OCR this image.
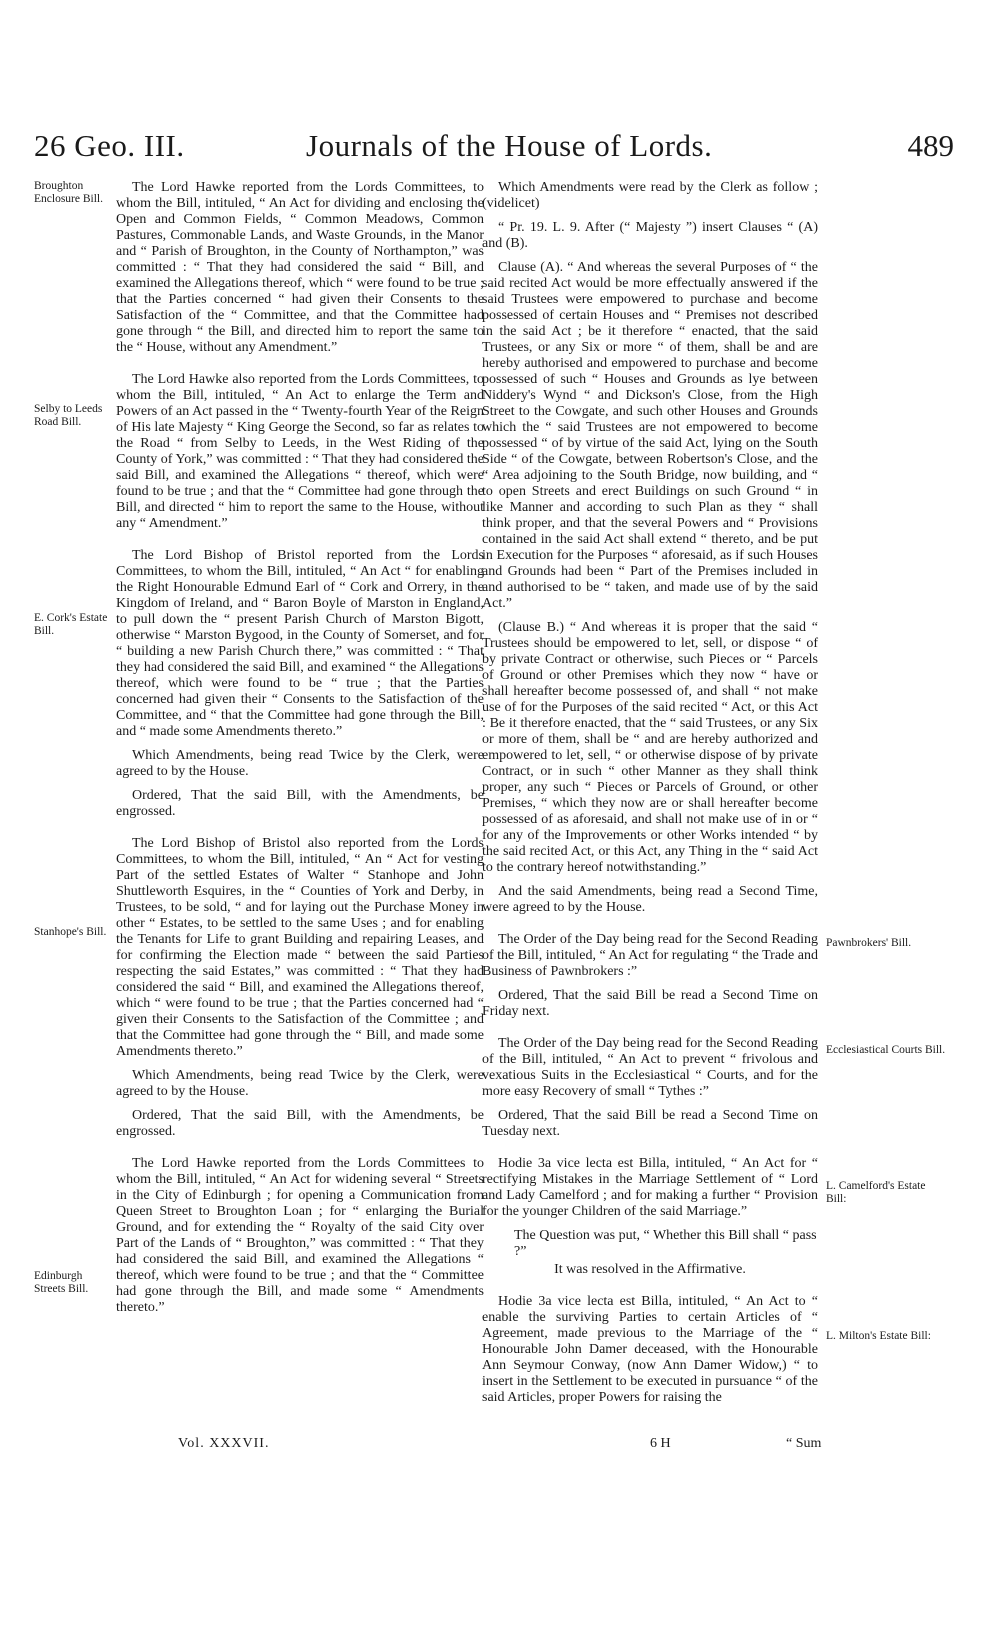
26 Geo. III.	Journals of the House of Lords.	489
Broughton Enclosure Bill.
Selby to Leeds Road Bill.
E. Cork's Estate Bill.
Stanhope's Bill.
Edinburgh Streets Bill.
Pawnbrokers' Bill.
Ecclesiastical Courts Bill.
L. Camelford's Estate Bill:
L. Milton's Estate Bill:

The Lord Hawke reported from the Lords Committees, to whom the Bill, intituled, “ An Act for dividing and enclosing the Open and Common Fields, “ Common Meadows, Common Pastures, Commonable Lands, and Waste Grounds, in the Manor and “ Parish of Broughton, in the County of Northampton,” was committed : “ That they had considered the said “ Bill, and examined the Allegations thereof, which “ were found to be true ; that the Parties concerned “ had given their Consents to the Satisfaction of the “ Committee, and that the Committee had gone through “ the Bill, and directed him to report the same to the “ House, without any Amendment.”

The Lord Hawke also reported from the Lords Committees, to whom the Bill, intituled, “ An Act to enlarge the Term and Powers of an Act passed in the “ Twenty-fourth Year of the Reign of His late Majesty “ King George the Second, so far as relates to the Road “ from Selby to Leeds, in the West Riding of the County of York,” was committed : “ That they had considered the said Bill, and examined the Allegations “ thereof, which were found to be true ; and that the “ Committee had gone through the Bill, and directed “ him to report the same to the House, without any “ Amendment.”

The Lord Bishop of Bristol reported from the Lords Committees, to whom the Bill, intituled, “ An Act “ for enabling the Right Honourable Edmund Earl of “ Cork and Orrery, in the Kingdom of Ireland, and “ Baron Boyle of Marston in England, to pull down the “ present Parish Church of Marston Bigott, otherwise “ Marston Bygood, in the County of Somerset, and for “ building a new Parish Church there,” was committed : “ That they had considered the said Bill, and examined “ the Allegations thereof, which were found to be “ true ; that the Parties concerned had given their “ Consents to the Satisfaction of the Committee, and “ that the Committee had gone through the Bill, and “ made some Amendments thereto.”

Which Amendments, being read Twice by the Clerk, were agreed to by the House.

Ordered, That the said Bill, with the Amendments, be engrossed.

The Lord Bishop of Bristol also reported from the Lords Committees, to whom the Bill, intituled, “ An “ Act for vesting Part of the settled Estates of Walter “ Stanhope and John Shuttleworth Esquires, in the “ Counties of York and Derby, in Trustees, to be sold, “ and for laying out the Purchase Money in other “ Estates, to be settled to the same Uses ; and for enabling the Tenants for Life to grant Building and repairing Leases, and for confirming the Election made “ between the said Parties respecting the said Estates,” was committed : “ That they had considered the said “ Bill, and examined the Allegations thereof, which “ were found to be true ; that the Parties concerned had “ given their Consents to the Satisfaction of the Committee ; and that the Committee had gone through the “ Bill, and made some Amendments thereto.”

Which Amendments, being read Twice by the Clerk, were agreed to by the House.

Ordered, That the said Bill, with the Amendments, be engrossed.

The Lord Hawke reported from the Lords Committees to whom the Bill, intituled, “ An Act for widening several “ Streets in the City of Edinburgh ; for opening a Communication from Queen Street to Broughton Loan ; for “ enlarging the Burial Ground, and for extending the “ Royalty of the said City over Part of the Lands of “ Broughton,” was committed : “ That they had considered the said Bill, and examined the Allegations “ thereof, which were found to be true ; and that the “ Committee had gone through the Bill, and made some “ Amendments thereto.”

Which Amendments were read by the Clerk as follow ; (videlicet)

“ Pr. 19. L. 9. After (“ Majesty ”) insert Clauses “ (A) and (B).

Clause (A). “ And whereas the several Purposes of “ the said recited Act would be more effectually answered if the said Trustees were empowered to purchase and become possessed of certain Houses and “ Premises not described in the said Act ; be it therefore “ enacted, that the said Trustees, or any Six or more “ of them, shall be and are hereby authorised and empowered to purchase and become possessed of such “ Houses and Grounds as lye between Niddery's Wynd “ and Dickson's Close, from the High Street to the Cowgate, and such other Houses and Grounds which the “ said Trustees are not empowered to become possessed “ of by virtue of the said Act, lying on the South Side “ of the Cowgate, between Robertson's Close, and the “ Area adjoining to the South Bridge, now building, and “ to open Streets and erect Buildings on such Ground “ in like Manner and according to such Plan as they “ shall think proper, and that the several Powers and “ Provisions contained in the said Act shall extend “ thereto, and be put in Execution for the Purposes “ aforesaid, as if such Houses and Grounds had been “ Part of the Premises included in and authorised to be “ taken, and made use of by the said Act.”

(Clause B.) “ And whereas it is proper that the said “ Trustees should be empowered to let, sell, or dispose “ of by private Contract or otherwise, such Pieces or “ Parcels of Ground or other Premises which they now “ have or shall hereafter become possessed of, and shall “ not make use of for the Purposes of the said recited “ Act, or this Act : Be it therefore enacted, that the “ said Trustees, or any Six or more of them, shall be “ and are hereby authorized and empowered to let, sell, “ or otherwise dispose of by private Contract, or in such “ other Manner as they shall think proper, any such “ Pieces or Parcels of Ground, or other Premises, “ which they now are or shall hereafter become possessed of as aforesaid, and shall not make use of in or “ for any of the Improvements or other Works intended “ by the said recited Act, or this Act, any Thing in the “ said Act to the contrary hereof notwithstanding.”

And the said Amendments, being read a Second Time, were agreed to by the House.

The Order of the Day being read for the Second Reading of the Bill, intituled, “ An Act for regulating “ the Trade and Business of Pawnbrokers :”

Ordered, That the said Bill be read a Second Time on Friday next.

The Order of the Day being read for the Second Reading of the Bill, intituled, “ An Act to prevent “ frivolous and vexatious Suits in the Ecclesiastical “ Courts, and for the more easy Recovery of small “ Tythes :”

Ordered, That the said Bill be read a Second Time on Tuesday next.

Hodie 3a vice lecta est Billa, intituled, “ An Act for “ rectifying Mistakes in the Marriage Settlement of “ Lord and Lady Camelford ; and for making a further “ Provision for the younger Children of the said Marriage.”

The Question was put, “ Whether this Bill shall “ pass ?”

It was resolved in the Affirmative.

Hodie 3a vice lecta est Billa, intituled, “ An Act to “ enable the surviving Parties to certain Articles of “ Agreement, made previous to the Marriage of the “ Honourable John Damer deceased, with the Honourable Ann Seymour Conway, (now Ann Damer Widow,) “ to insert in the Settlement to be executed in pursuance “ of the said Articles, proper Powers for raising the

Vol. XXXVII.	6 H	“ Sum
